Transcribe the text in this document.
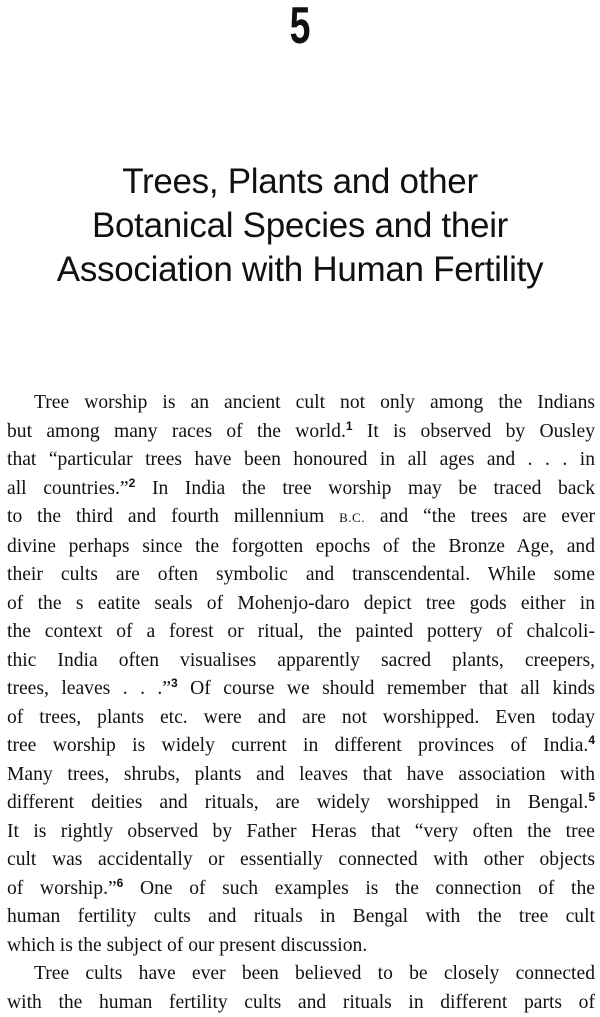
5
Trees, Plants and other
Botanical Species and their
Association with Human Fertility
Tree worship is an ancient cult not only among the Indians
but among many races of the world.$^1$ It is observed by Ousley
that “particular trees have been honoured in all ages and . . . in
all countries.”$^2$ In India the tree worship may be traced back
to the third and fourth millennium B.C. and “the trees are ever
divine perhaps since the forgotten epochs of the Bronze Age, and
their cults are often symbolic and transcendental. While some
of the s eatite seals of Mohenjo-daro depict tree gods either in
the context of a forest or ritual, the painted pottery of chalcoli-
thic India often visualises apparently sacred plants, creepers,
trees, leaves . . .”$^3$ Of course we should remember that all kinds
of trees, plants etc. were and are not worshipped. Even today
tree worship is widely current in different provinces of India.$^4$
Many trees, shrubs, plants and leaves that have association with
different deities and rituals, are widely worshipped in Bengal.$^5$
It is rightly observed by Father Heras that “very often the tree
cult was accidentally or essentially connected with other objects
of worship.”$^6$ One of such examples is the connection of the
human fertility cults and rituals in Bengal with the tree cult
which is the subject of our present discussion.
Tree cults have ever been believed to be closely connected
with the human fertility cults and rituals in different parts of
